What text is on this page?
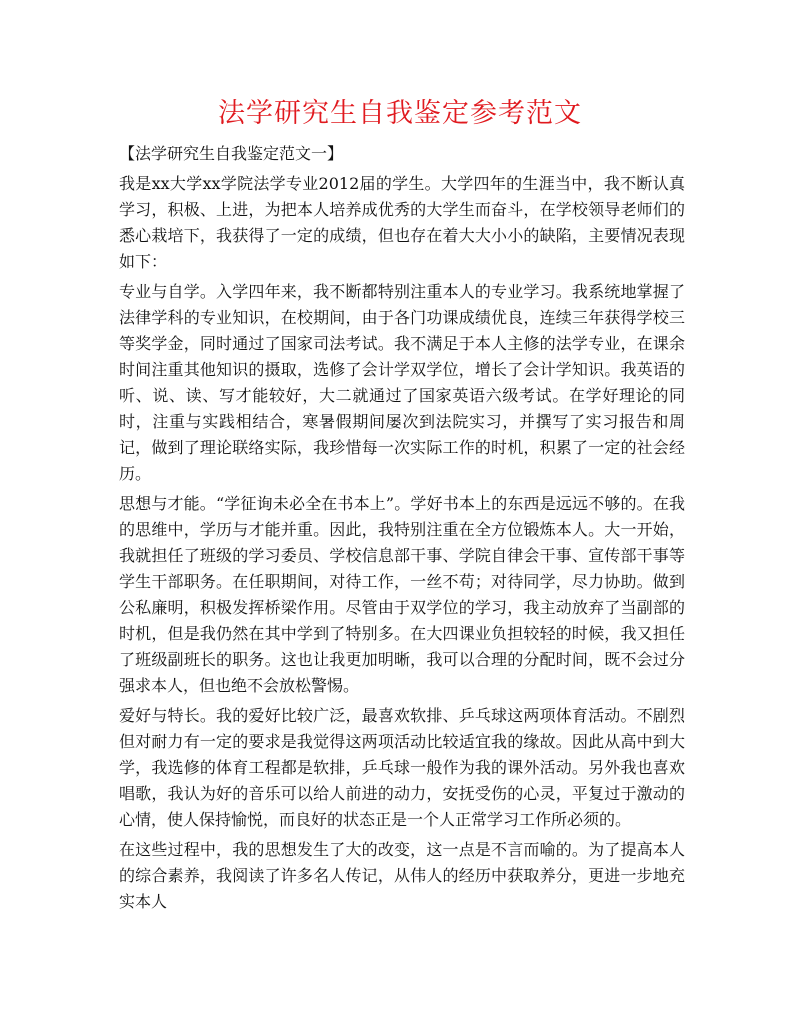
法学研究生自我鉴定参考范文

【法学研究生自我鉴定范文一】

我是xx大学xx学院法学专业2012届的学生。大学四年的生涯当中，我不断认真学习，积极、上进，为把本人培养成优秀的大学生而奋斗，在学校领导老师们的悉心栽培下，我获得了一定的成绩，但也存在着大大小小的缺陷，主要情况表现如下：

专业与自学。入学四年来，我不断都特别注重本人的专业学习。我系统地掌握了法律学科的专业知识，在校期间，由于各门功课成绩优良，连续三年获得学校三等奖学金，同时通过了国家司法考试。我不满足于本人主修的法学专业，在课余时间注重其他知识的摄取，选修了会计学双学位，增长了会计学知识。我英语的听、说、读、写才能较好，大二就通过了国家英语六级考试。在学好理论的同时，注重与实践相结合，寒暑假期间屡次到法院实习，并撰写了实习报告和周记，做到了理论联络实际，我珍惜每一次实际工作的时机，积累了一定的社会经历。

思想与才能。“学征询未必全在书本上”。学好书本上的东西是远远不够的。在我的思维中，学历与才能并重。因此，我特别注重在全方位锻炼本人。大一开始，我就担任了班级的学习委员、学校信息部干事、学院自律会干事、宣传部干事等学生干部职务。在任职期间，对待工作，一丝不苟；对待同学，尽力协助。做到公私廉明，积极发挥桥梁作用。尽管由于双学位的学习，我主动放弃了当副部的时机，但是我仍然在其中学到了特别多。在大四课业负担较轻的时候，我又担任了班级副班长的职务。这也让我更加明晰，我可以合理的分配时间，既不会过分强求本人，但也绝不会放松警惕。

爱好与特长。我的爱好比较广泛，最喜欢软排、乒乓球这两项体育活动。不剧烈但对耐力有一定的要求是我觉得这两项活动比较适宜我的缘故。因此从高中到大学，我选修的体育工程都是软排，乒乓球一般作为我的课外活动。另外我也喜欢唱歌，我认为好的音乐可以给人前进的动力，安抚受伤的心灵，平复过于激动的心情，使人保持愉悦，而良好的状态正是一个人正常学习工作所必须的。

在这些过程中，我的思想发生了大的改变，这一点是不言而喻的。为了提高本人的综合素养，我阅读了许多名人传记，从伟人的经历中获取养分，更进一步地充实本人
